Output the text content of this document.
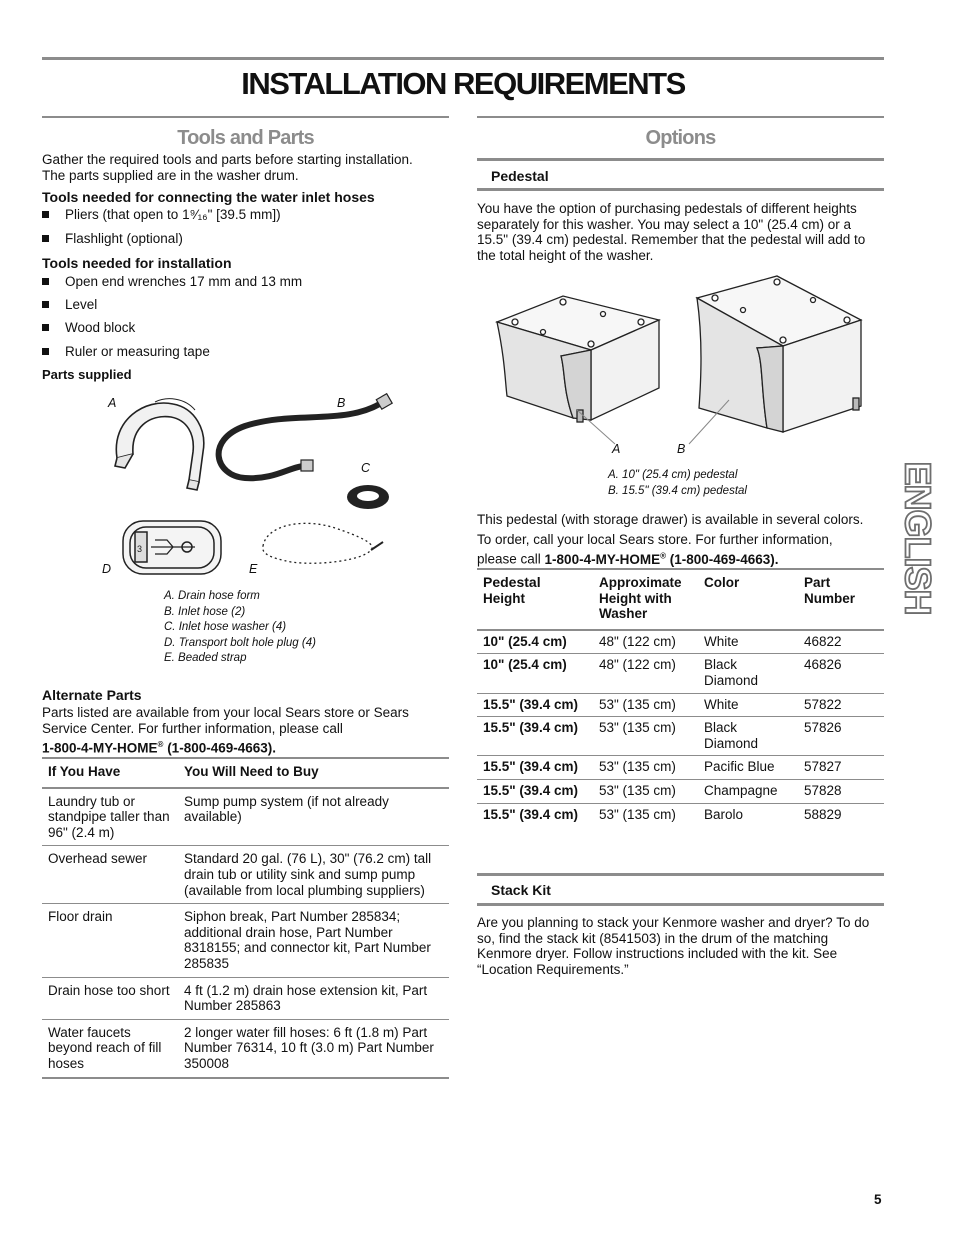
INSTALLATION REQUIREMENTS
Tools and Parts
Gather the required tools and parts before starting installation.
The parts supplied are in the washer drum.
Tools needed for connecting the water inlet hoses
Pliers (that open to 1⁹⁄₁₆" [39.5 mm])
Flashlight (optional)
Tools needed for installation
Open end wrenches 17 mm and 13 mm
Level
Wood block
Ruler or measuring tape
Parts supplied
3
A	B
C
D	E
A. Drain hose form
B. Inlet hose (2)
C. Inlet hose washer (4)
D. Transport bolt hole plug (4)
E. Beaded strap
Alternate Parts
Parts listed are available from your local Sears store or Sears
Service Center. For further information, please call
1-800-4-MY-HOME® (1-800-469-4663).
If You Have	You Will Need to Buy
Laundry tub or standpipe taller than 96" (2.4 m)	Sump pump system (if not already available)
Overhead sewer	Standard 20 gal. (76 L), 30" (76.2 cm) tall drain tub or utility sink and sump pump (available from local plumbing suppliers)
Floor drain	Siphon break, Part Number 285834; additional drain hose, Part Number 8318155; and connector kit, Part Number 285835
Drain hose too short	4 ft (1.2 m) drain hose extension kit, Part Number 285863
Water faucets beyond reach of fill hoses	2 longer water fill hoses: 6 ft (1.8 m) Part Number 76314, 10 ft (3.0 m) Part Number 350008
Options
Pedestal
You have the option of purchasing pedestals of different heights separately for this washer. You may select a 10" (25.4 cm) or a 15.5" (39.4 cm) pedestal. Remember that the pedestal will add to the total height of the washer.
A	B
A. 10" (25.4 cm) pedestal
B. 15.5" (39.4 cm) pedestal
This pedestal (with storage drawer) is available in several colors.
To order, call your local Sears store. For further information,
please call 1-800-4-MY-HOME® (1-800-469-4663).
Pedestal
Height	Approximate Height with Washer	Color	Part Number
10" (25.4 cm)	48" (122 cm)	White	46822
10" (25.4 cm)	48" (122 cm)	Black Diamond	46826
15.5" (39.4 cm)	53" (135 cm)	White	57822
15.5" (39.4 cm)	53" (135 cm)	Black Diamond	57826
15.5" (39.4 cm)	53" (135 cm)	Pacific Blue	57827
15.5" (39.4 cm)	53" (135 cm)	Champagne	57828
15.5" (39.4 cm)	53" (135 cm)	Barolo	58829
Stack Kit
Are you planning to stack your Kenmore washer and dryer? To do so, find the stack kit (8541503) in the drum of the matching Kenmore dryer. Follow instructions included with the kit. See “Location Requirements.”
ENGLISH
5
